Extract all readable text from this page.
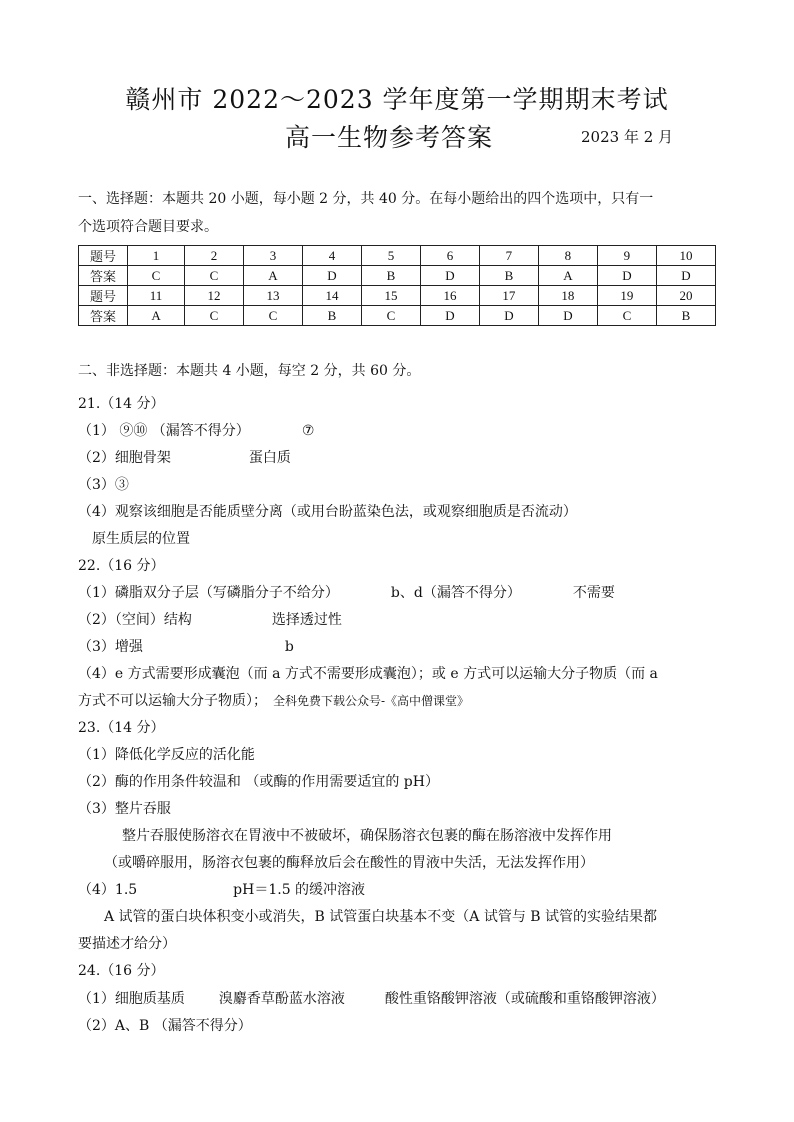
赣州市 2022～2023 学年度第一学期期末考试
高一生物参考答案	2023 年 2 月
一、选择题：本题共 20 小题，每小题 2 分，共 40 分。在每小题给出的四个选项中，只有一
个选项符合题目要求。
题号	1	2	3	4	5	6	7	8	9	10
答案	C	C	A	D	B	D	B	A	D	D
题号	11	12	13	14	15	16	17	18	19	20
答案	A	C	C	B	C	D	D	D	C	B
二、非选择题：本题共 4 小题，每空 2 分，共 60 分。
21.（14 分）
（1） ⑨⑩ （漏答不得分）	⑦
（2）细胞骨架	蛋白质
（3）③
（4）观察该细胞是否能质壁分离（或用台盼蓝染色法，或观察细胞质是否流动）
原生质层的位置
22.（16 分）
（1）磷脂双分子层（写磷脂分子不给分）	b、d（漏答不得分）	不需要
（2）（空间）结构	选择透过性
（3）增强	b
（4）e 方式需要形成囊泡（而 a 方式不需要形成囊泡）；或 e 方式可以运输大分子物质（而 a
方式不可以运输大分子物质）； 全科免费下载公众号-《高中僧课堂》
23.（14 分）
（1）降低化学反应的活化能
（2）酶的作用条件较温和 （或酶的作用需要适宜的 pH）
（3）整片吞服
整片吞服使肠溶衣在胃液中不被破坏，确保肠溶衣包裹的酶在肠溶液中发挥作用
（或嚼碎服用，肠溶衣包裹的酶释放后会在酸性的胃液中失活，无法发挥作用）
（4）1.5	pH＝1.5 的缓冲溶液
A 试管的蛋白块体积变小或消失，B 试管蛋白块基本不变（A 试管与 B 试管的实验结果都
要描述才给分）
24.（16 分）
（1）细胞质基质 溴麝香草酚蓝水溶液	酸性重铬酸钾溶液（或硫酸和重铬酸钾溶液）
（2）A、B （漏答不得分）
